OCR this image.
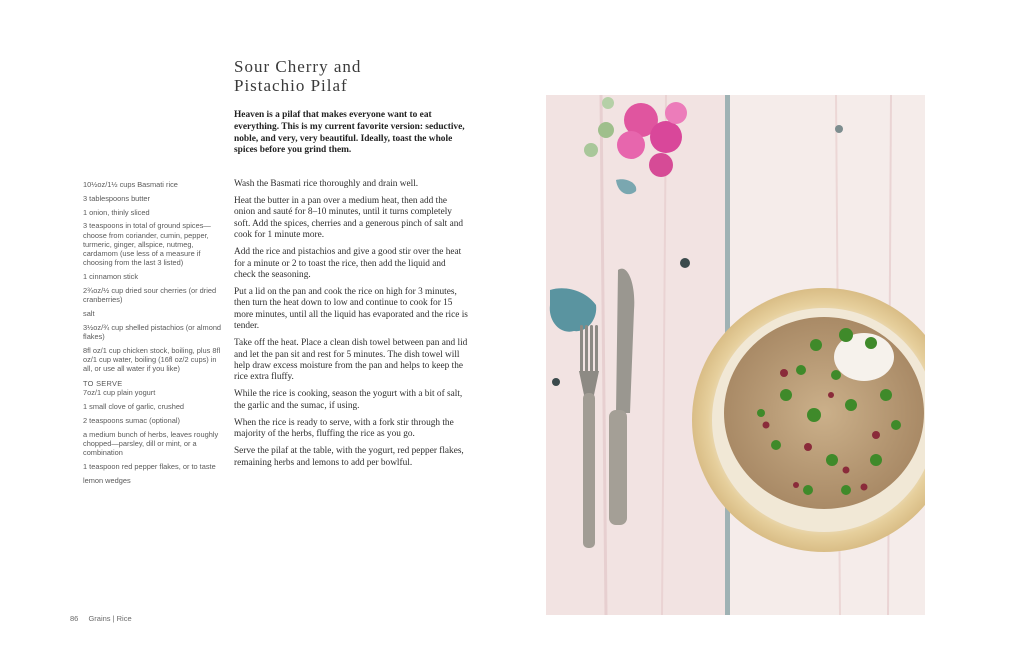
Sour Cherry and
Pistachio Pilaf

Heaven is a pilaf that makes everyone want to eat everything. This is my current favorite version: seductive, noble, and very, very beautiful. Ideally, toast the whole spices before you grind them.

10½oz/1½ cups Basmati rice
3 tablespoons butter
1 onion, thinly sliced
3 teaspoons in total of ground spices—choose from coriander, cumin, pepper, turmeric, ginger, allspice, nutmeg, cardamom (use less of a measure if choosing from the last 3 listed)
1 cinnamon stick
2¾oz/½ cup dried sour cherries (or dried cranberries)
salt
3½oz/¾ cup shelled pistachios (or almond flakes)
8fl oz/1 cup chicken stock, boiling, plus 8fl oz/1 cup water, boiling (16fl oz/2 cups) in all, or use all water if you like)
TO SERVE
7oz/1 cup plain yogurt
1 small clove of garlic, crushed
2 teaspoons sumac (optional)
a medium bunch of herbs, leaves roughly chopped—parsley, dill or mint, or a combination
1 teaspoon red pepper flakes, or to taste
lemon wedges

Wash the Basmati rice thoroughly and drain well.

Heat the butter in a pan over a medium heat, then add the onion and sauté for 8–10 minutes, until it turns completely soft. Add the spices, cherries and a generous pinch of salt and cook for 1 minute more.

Add the rice and pistachios and give a good stir over the heat for a minute or 2 to toast the rice, then add the liquid and check the seasoning.

Put a lid on the pan and cook the rice on high for 3 minutes, then turn the heat down to low and continue to cook for 15 more minutes, until all the liquid has evaporated and the rice is tender.

Take off the heat. Place a clean dish towel between pan and lid and let the pan sit and rest for 5 minutes. The dish towel will help draw excess moisture from the pan and helps to keep the rice extra fluffy.

While the rice is cooking, season the yogurt with a bit of salt, the garlic and the sumac, if using.

When the rice is ready to serve, with a fork stir through the majority of the herbs, fluffing the rice as you go.

Serve the pilaf at the table, with the yogurt, red pepper flakes, remaining herbs and lemons to add per bowlful.

86 Grains | Rice
